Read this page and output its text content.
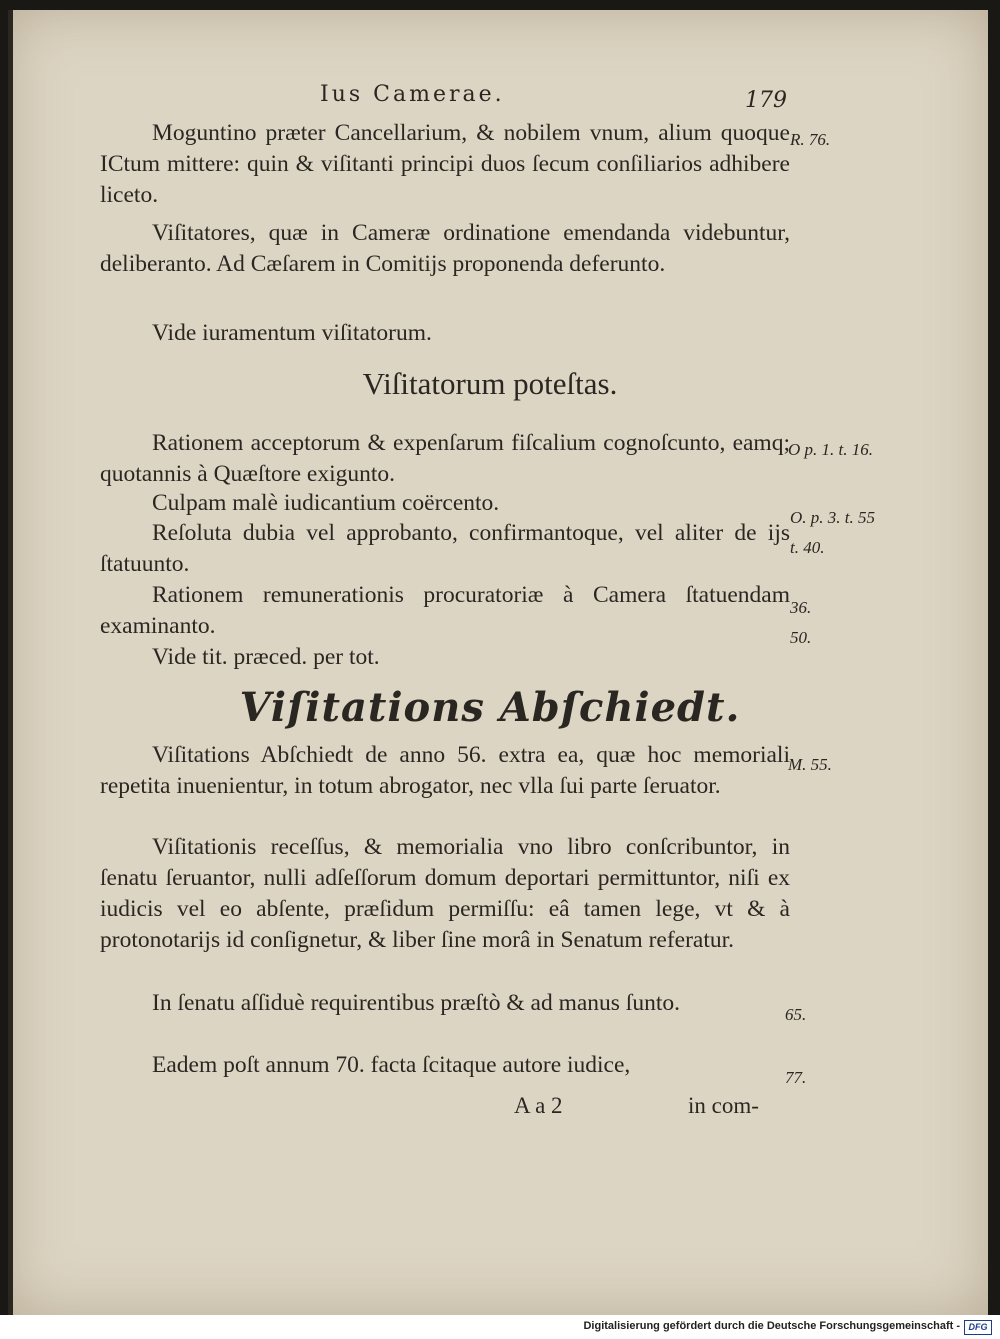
Ius Camerae.	179
Moguntino præter Cancellarium, & nobilem vnum, alium quoque ICtum mittere: quin & viſitanti principi duos ſecum conſiliarios adhibere liceto.
Viſitatores, quæ in Cameræ ordinatione emendanda videbuntur, deliberanto. Ad Cæſarem in Comitijs proponenda deferunto.
Vide iuramentum viſitatorum.
Viſitatorum poteſtas.
Rationem acceptorum & expenſarum fiſcalium cognoſcunto, eamq; quotannis à Quæſtore exigunto.
Culpam malè iudicantium coërcento.
Reſoluta dubia vel approbanto, confirmantoque, vel aliter de ijs ſtatuunto.
Rationem remunerationis procuratoriæ à Camera ſtatuendam examinanto.
Vide tit. præced. per tot.
Viſitations Abſchiedt.
Viſitations Abſchiedt de anno 56. extra ea, quæ hoc memoriali repetita inuenientur, in totum abrogator, nec vlla ſui parte ſeruator.
Viſitationis receſſus, & memorialia vno libro conſcribuntor, in ſenatu ſeruantor, nulli adſeſſorum domum deportari permittuntor, niſi ex iudicis vel eo abſente, præſidum permiſſu: eâ tamen lege, vt & à protonotarijs id conſignetur, & liber ſine morâ in Senatum referatur.
In ſenatu aſſiduè requirentibus præſtò & ad manus ſunto.
Eadem poſt annum 70. facta ſcitaque autore iudice,
R. 76.
O p. 1. t. 16.
O. p. 3. t. 55
t. 40.
36.
50.
M. 55.
65.
77.
A a 2	in com-
Digitalisierung gefördert durch die Deutsche Forschungsgemeinschaft - DFG
